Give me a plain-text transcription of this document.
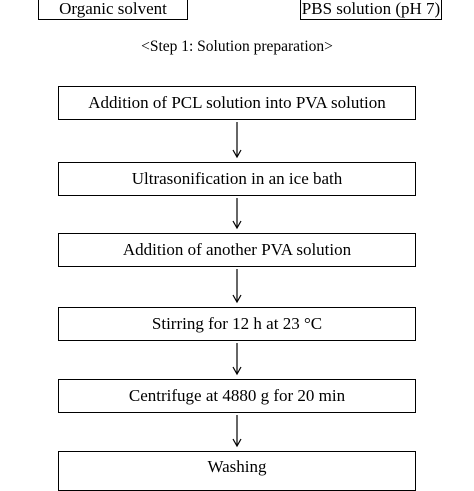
Organic solvent	PBS solution (pH 7)
<Step 1: Solution preparation>
Addition of PCL solution into PVA solution
Ultrasonification in an ice bath
Addition of another PVA solution
Stirring for 12 h at 23 °C
Centrifuge at 4880 g for 20 min
Washing
